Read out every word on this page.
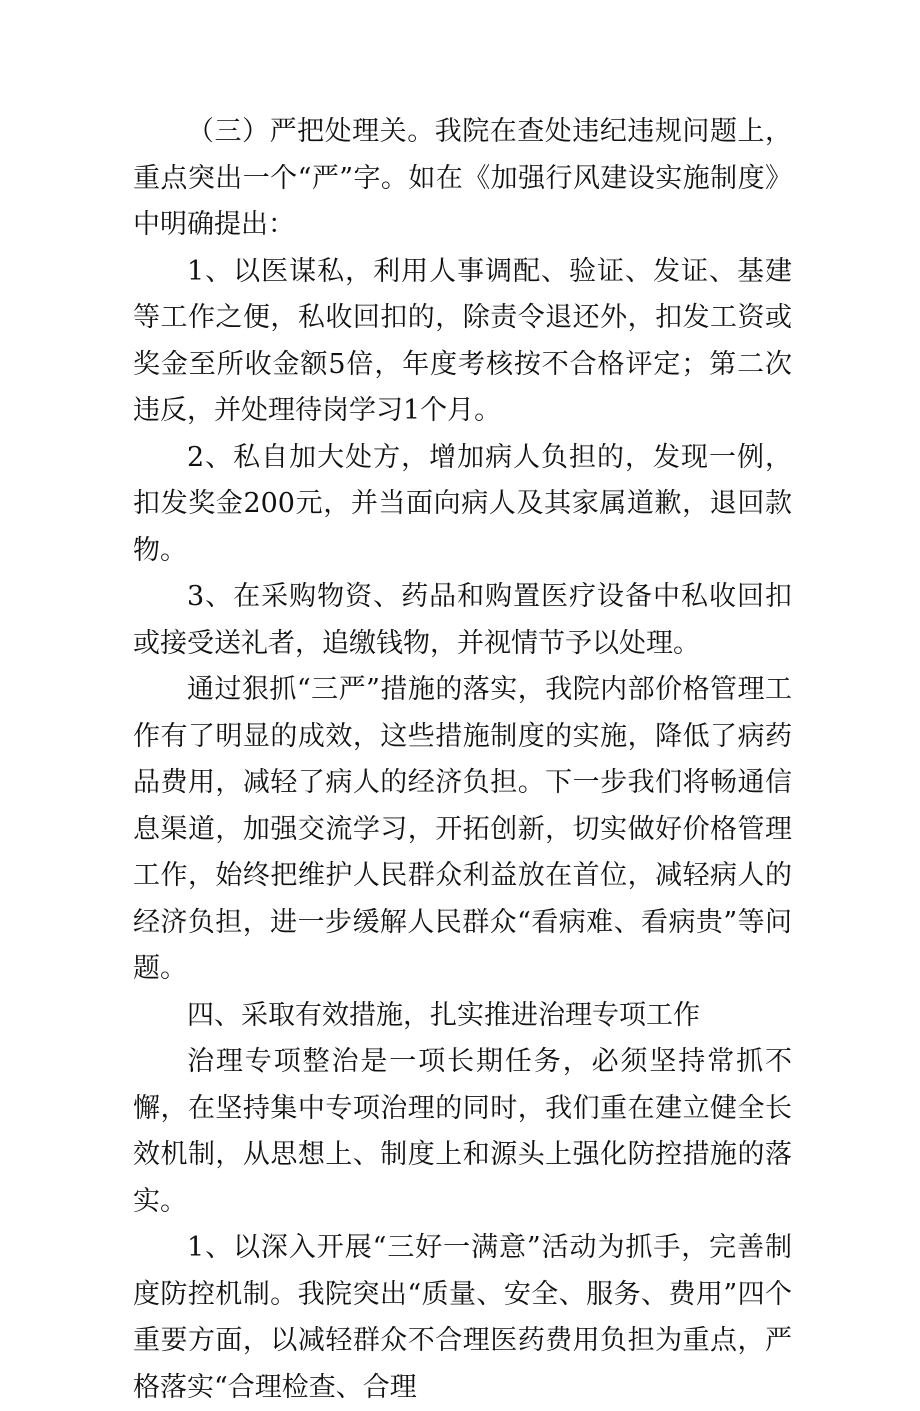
（三）严把处理关。我院在查处违纪违规问题上，重点突出一个“严”字。如在《加强行风建设实施制度》中明确提出：

1、以医谋私，利用人事调配、验证、发证、基建等工作之便，私收回扣的，除责令退还外，扣发工资或奖金至所收金额5倍，年度考核按不合格评定；第二次违反，并处理待岗学习1个月。

2、私自加大处方，增加病人负担的，发现一例，扣发奖金200元，并当面向病人及其家属道歉，退回款物。

3、在采购物资、药品和购置医疗设备中私收回扣或接受送礼者，追缴钱物，并视情节予以处理。

通过狠抓“三严”措施的落实，我院内部价格管理工作有了明显的成效，这些措施制度的实施，降低了病药品费用，减轻了病人的经济负担。下一步我们将畅通信息渠道，加强交流学习，开拓创新，切实做好价格管理工作，始终把维护人民群众利益放在首位，减轻病人的经济负担，进一步缓解人民群众“看病难、看病贵”等问题。

四、采取有效措施，扎实推进治理专项工作

治理专项整治是一项长期任务，必须坚持常抓不懈，在坚持集中专项治理的同时，我们重在建立健全长效机制，从思想上、制度上和源头上强化防控措施的落实。

1、以深入开展“三好一满意”活动为抓手，完善制度防控机制。我院突出“质量、安全、服务、费用”四个重要方面，以减轻群众不合理医药费用负担为重点，严格落实“合理检查、合理
